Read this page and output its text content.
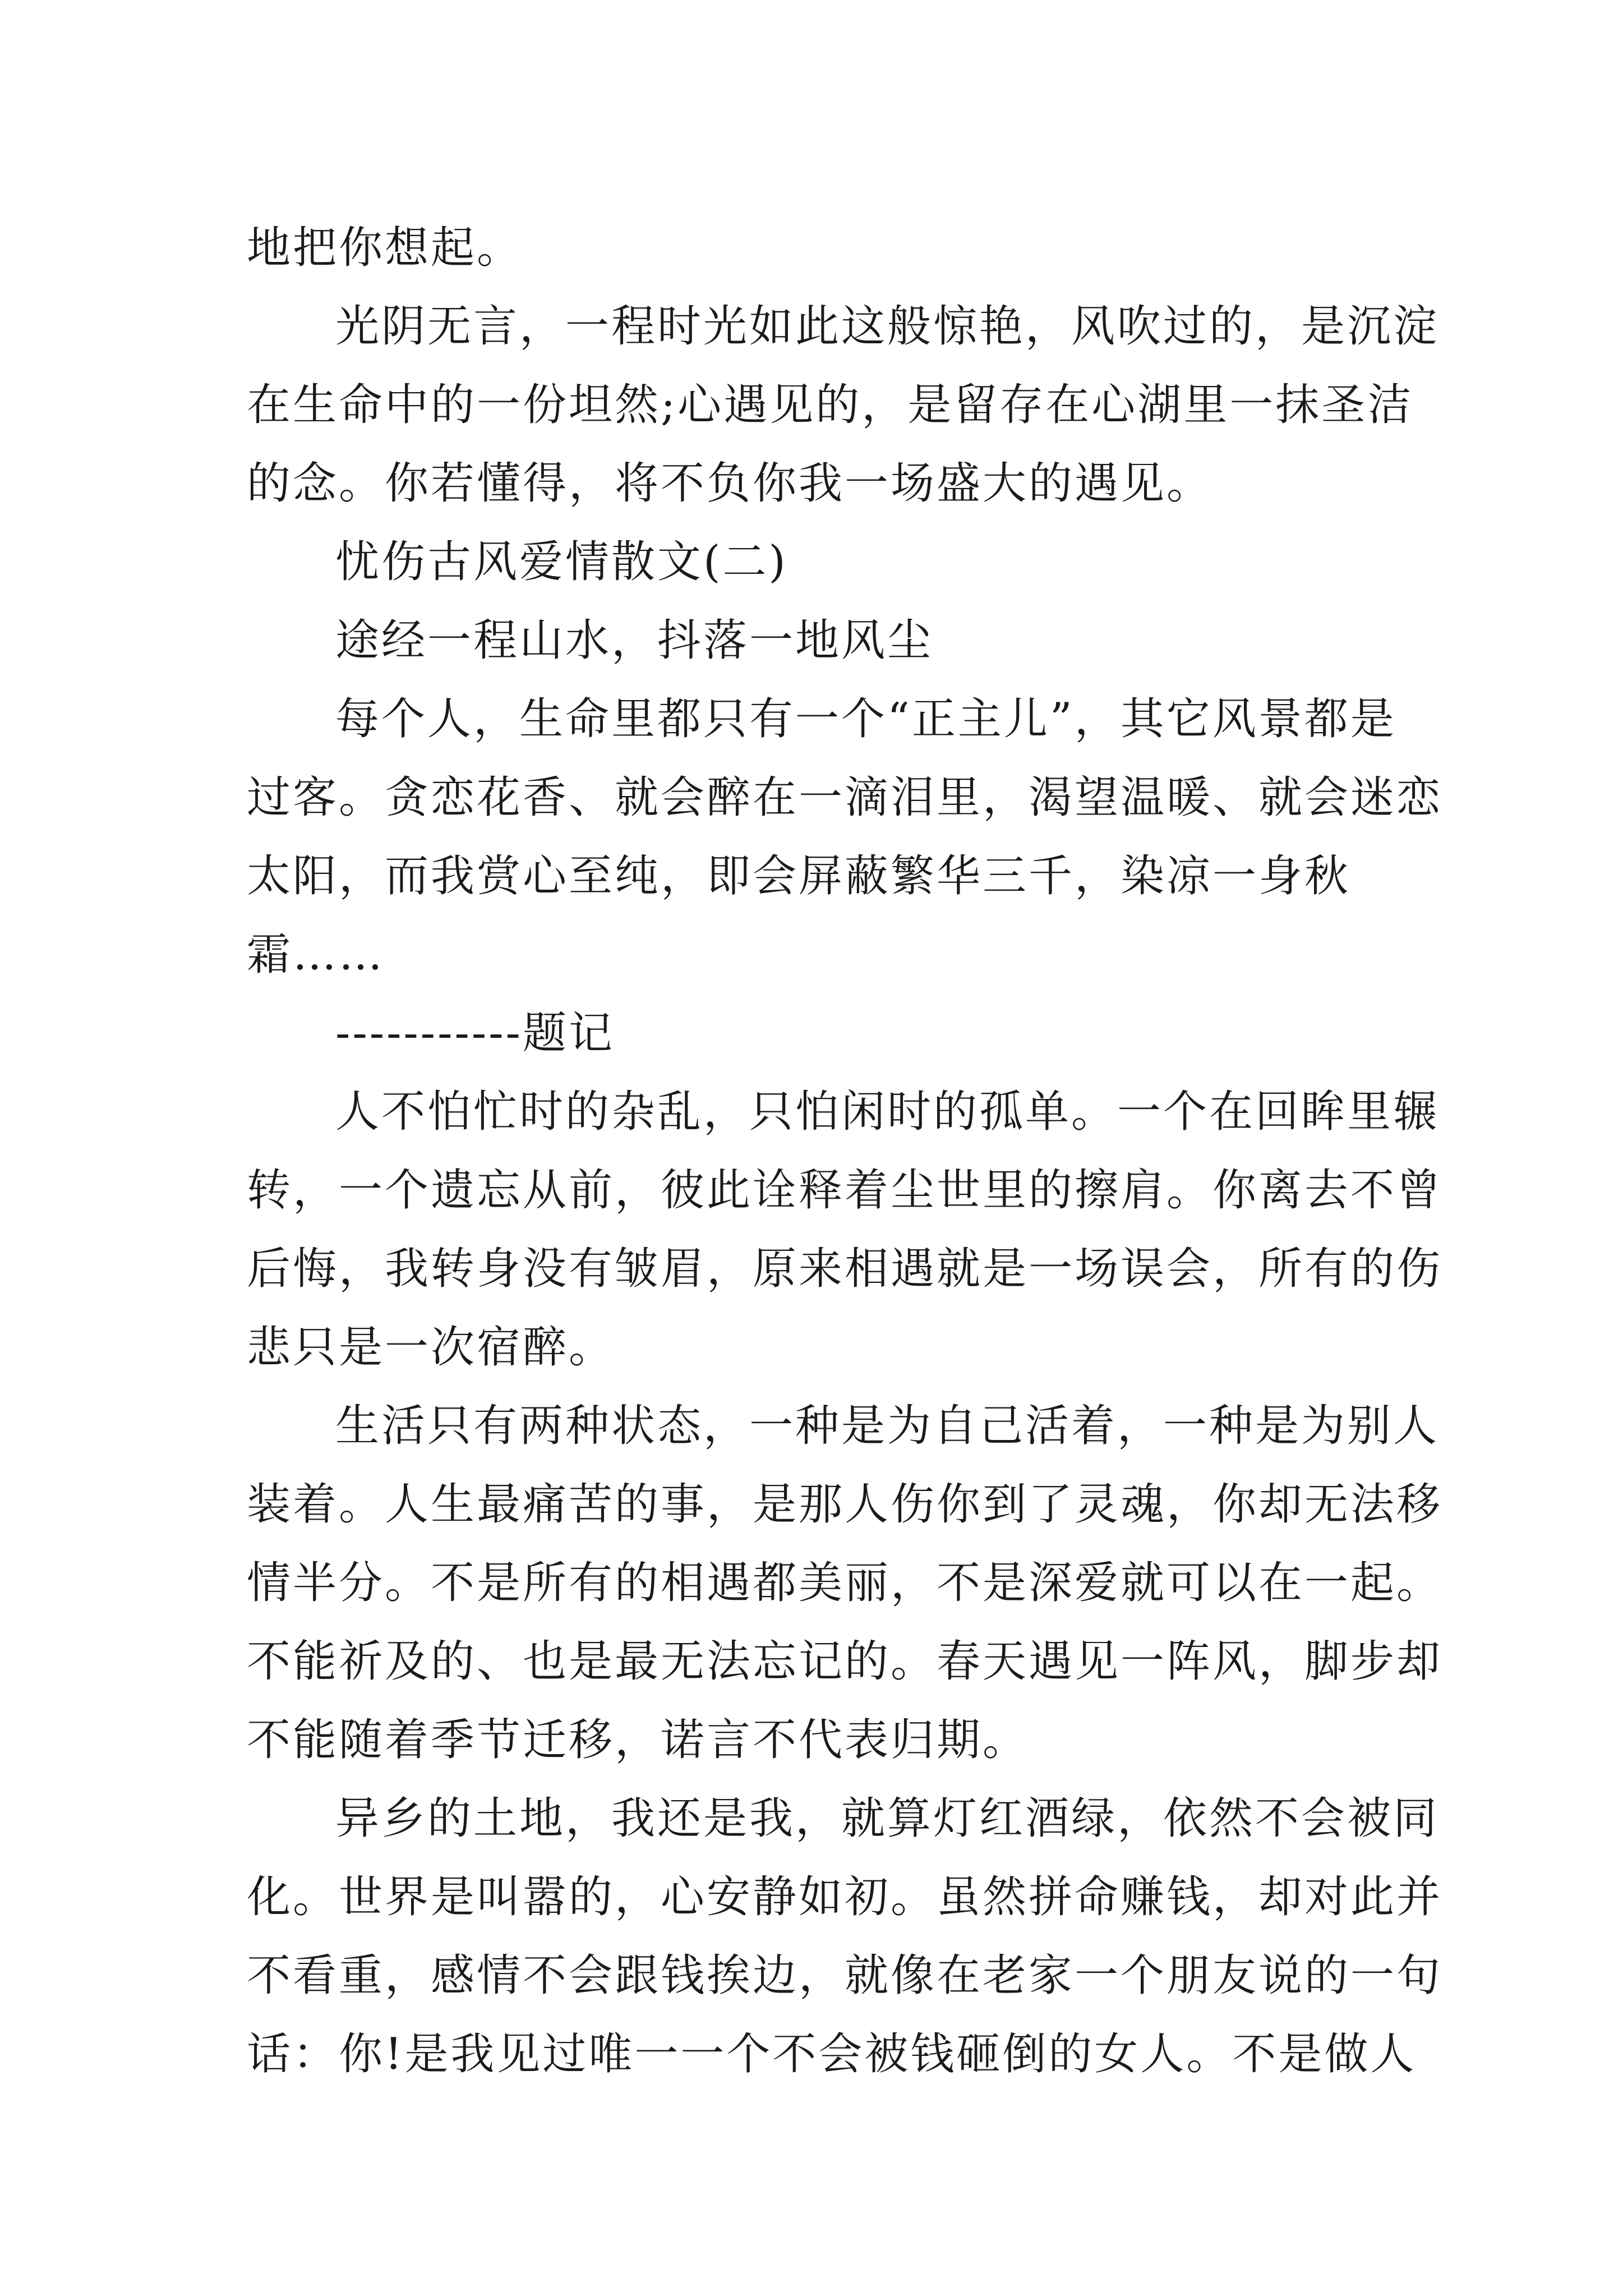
地把你想起。
光阴无言，一程时光如此这般惊艳，风吹过的，是沉淀
在生命中的一份坦然;心遇见的，是留存在心湖里一抹圣洁
的念。你若懂得，将不负你我一场盛大的遇见。
忧伤古风爱情散文(二)
途经一程山水，抖落一地风尘
每个人，生命里都只有一个“正主儿”，其它风景都是
过客。贪恋花香、就会醉在一滴泪里，渴望温暖、就会迷恋
太阳，而我赏心至纯，即会屏蔽繁华三千，染凉一身秋
霜……
-----------题记
人不怕忙时的杂乱，只怕闲时的孤单。一个在回眸里辗
转，一个遗忘从前，彼此诠释着尘世里的擦肩。你离去不曾
后悔，我转身没有皱眉，原来相遇就是一场误会，所有的伤
悲只是一次宿醉。
生活只有两种状态，一种是为自己活着，一种是为别人
装着。人生最痛苦的事，是那人伤你到了灵魂，你却无法移
情半分。不是所有的相遇都美丽，不是深爱就可以在一起。
不能祈及的、也是最无法忘记的。春天遇见一阵风，脚步却
不能随着季节迁移，诺言不代表归期。
异乡的土地，我还是我，就算灯红酒绿，依然不会被同
化。世界是叫嚣的，心安静如初。虽然拼命赚钱，却对此并
不看重，感情不会跟钱挨边，就像在老家一个朋友说的一句
话：你!是我见过唯一一个不会被钱砸倒的女人。不是做人
